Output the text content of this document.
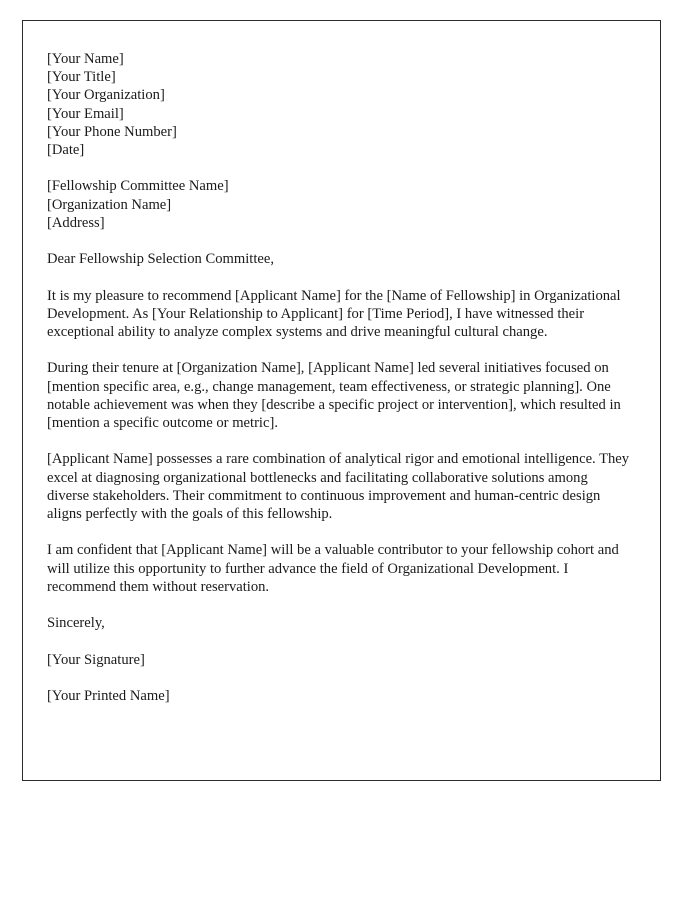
[Your Name]
[Your Title]
[Your Organization]
[Your Email]
[Your Phone Number]
[Date]
[Fellowship Committee Name]
[Organization Name]
[Address]
Dear Fellowship Selection Committee,

It is my pleasure to recommend [Applicant Name] for the [Name of Fellowship] in Organizational Development. As [Your Relationship to Applicant] for [Time Period], I have witnessed their exceptional ability to analyze complex systems and drive meaningful cultural change.

During their tenure at [Organization Name], [Applicant Name] led several initiatives focused on [mention specific area, e.g., change management, team effectiveness, or strategic planning]. One notable achievement was when they [describe a specific project or intervention], which resulted in [mention a specific outcome or metric].

[Applicant Name] possesses a rare combination of analytical rigor and emotional intelligence. They excel at diagnosing organizational bottlenecks and facilitating collaborative solutions among diverse stakeholders. Their commitment to continuous improvement and human-centric design aligns perfectly with the goals of this fellowship.

I am confident that [Applicant Name] will be a valuable contributor to your fellowship cohort and will utilize this opportunity to further advance the field of Organizational Development. I recommend them without reservation.

Sincerely,
[Your Signature]
[Your Printed Name]
